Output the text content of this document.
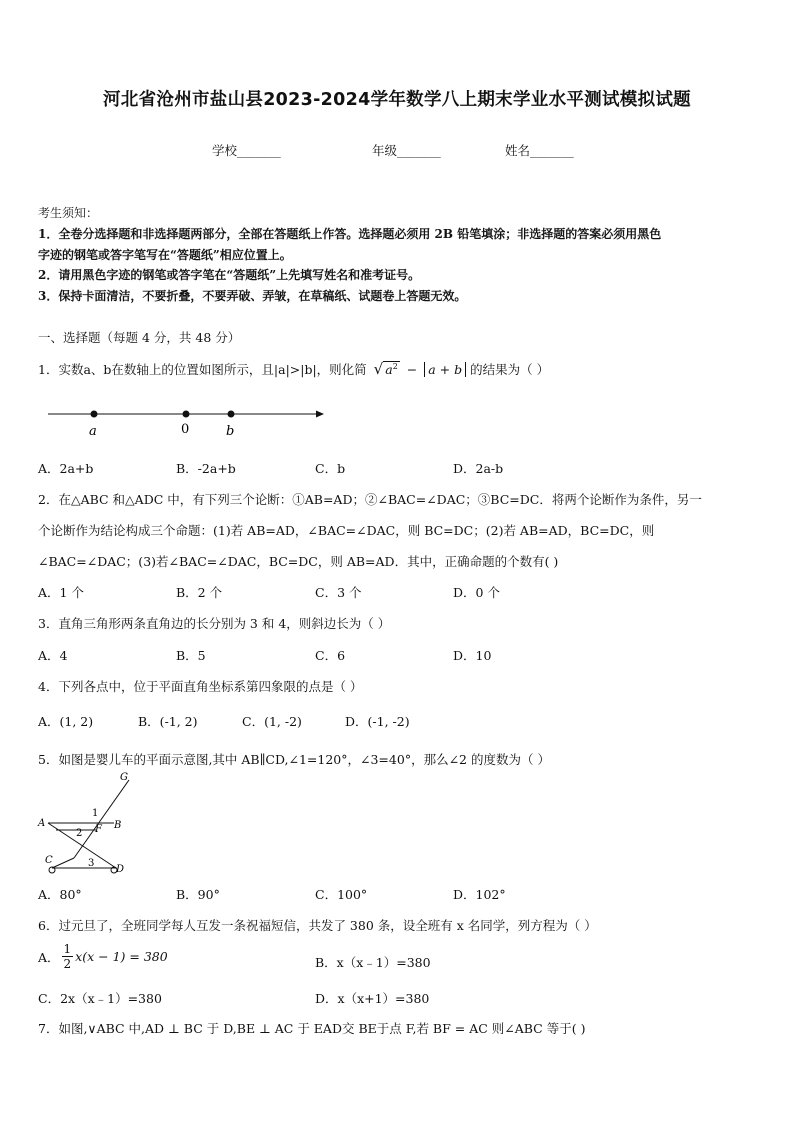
河北省沧州市盐山县2023-2024学年数学八上期末学业水平测试模拟试题
学校_______	年级_______	姓名_______
考生须知：
1．全卷分选择题和非选择题两部分，全部在答题纸上作答。选择题必须用 2B 铅笔填涂；非选择题的答案必须用黑色
字迹的钢笔或答字笔写在“答题纸”相应位置上。
2．请用黑色字迹的钢笔或答字笔在“答题纸”上先填写姓名和准考证号。
3．保持卡面清洁，不要折叠，不要弄破、弄皱，在草稿纸、试题卷上答题无效。
一、选择题（每题 4 分，共 48 分）
1．实数a、b在数轴上的位置如图所示，且|a|>|b|，则化简 √ $a^2 - a + b$ 的结果为（ ）
a	0	b
A．2a+b	B．-2a+b	C．b	D．2a-b
2．在△ABC 和△ADC 中，有下列三个论断：①AB=AD；②∠BAC=∠DAC；③BC=DC．将两个论断作为条件，另一
个论断作为结论构成三个命题：(1)若 AB=AD，∠BAC=∠DAC，则 BC=DC；(2)若 AB=AD，BC=DC，则
∠BAC=∠DAC；(3)若∠BAC=∠DAC，BC=DC，则 AB=AD．其中，正确命题的个数有( )
A．1 个	B．2 个	C．3 个	D．0 个
3．直角三角形两条直角边的长分别为 3 和 4，则斜边长为（ ）
A．4	B．5	C．6	D．10
4．下列各点中，位于平面直角坐标系第四象限的点是（ ）
A．(1, 2)	B．(-1, 2)	C．(1, -2)	D．(-1, -2)
5．如图是婴儿车的平面示意图,其中 AB∥CD,∠1=120°，∠3=40°，那么∠2 的度数为（ ）
G
A	B
F
C
D
1
2
3
A．80°	B．90°	C．100°	D．102°
6．过元旦了，全班同学每人互发一条祝福短信，共发了 380 条，设全班有 x 名同学，列方程为（ ）
A． $\frac{1}{2} x(x - 1) = 380$	B．x（x﹣1）=380
C．2x（x﹣1）=380	D．x（x+1）=380
7．如图,∨ABC 中,AD ⊥ BC 于 D,BE ⊥ AC 于 EAD交 BE于点 F,若 BF = AC 则∠ABC 等于( )
